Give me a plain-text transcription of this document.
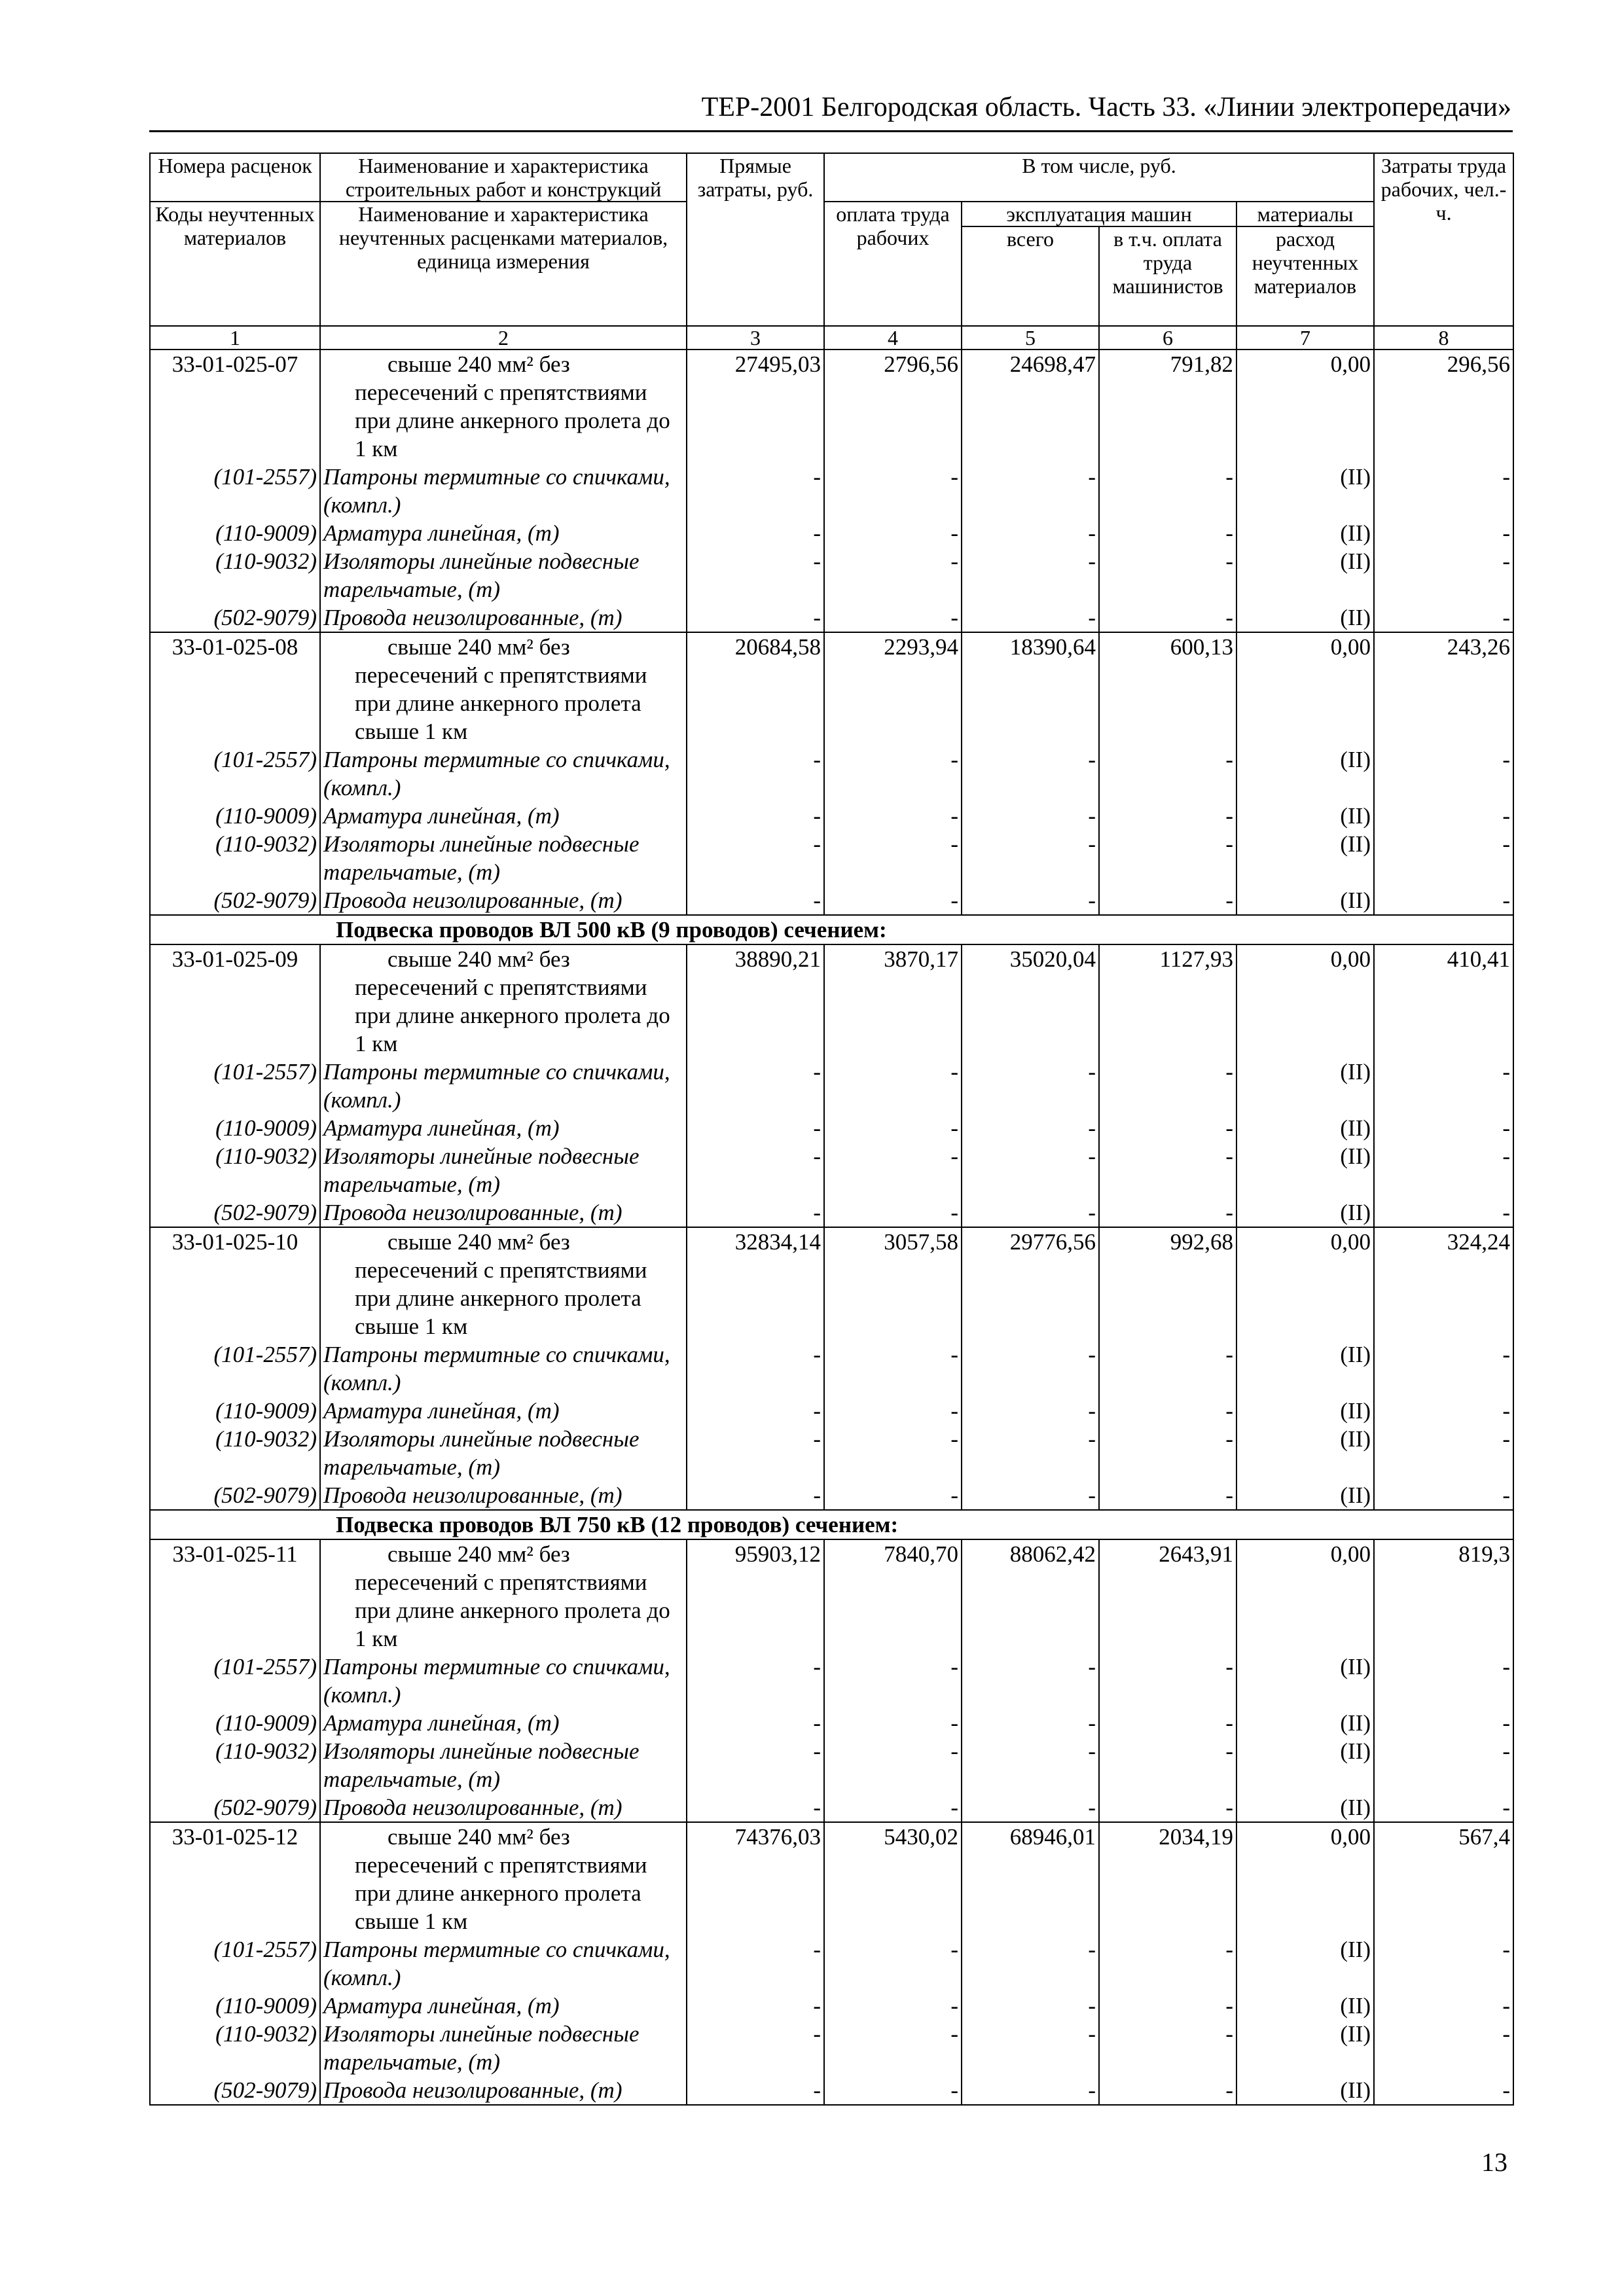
ТЕР-2001 Белгородская область. Часть 33. «Линии электропередачи»
Номера расценок	Наименование и характеристика строительных работ и конструкций	Прямые затраты, руб.	В том числе, руб.				Затраты труда рабочих, чел.-ч.
Коды неучтенных материалов	Наименование и характеристика неучтенных расценками материалов, единица измерения		оплата труда рабочих	эксплуатация машин		материалы	
				всего	в т.ч. оплата труда машинистов	расход неучтенных материалов	
1	2	3	4	5	6	7	8
33-01-025-07	свыше 240 мм² без пересечений с препятствиями при длине анкерного пролета до 1 км	27495,03	2796,56	24698,47	791,82	0,00	296,56
(101-2557)	Патроны термитные со спичками, (компл.)	-	-	-	-	(II)	-
(110-9009)	Арматура линейная, (т)	-	-	-	-	(II)	-
(110-9032)	Изоляторы линейные подвесные тарельчатые, (т)	-	-	-	-	(II)	-
(502-9079)	Провода неизолированные, (т)	-	-	-	-	(II)	-
33-01-025-08	свыше 240 мм² без пересечений с препятствиями при длине анкерного пролета свыше 1 км	20684,58	2293,94	18390,64	600,13	0,00	243,26
(101-2557)	Патроны термитные со спичками, (компл.)	-	-	-	-	(II)	-
(110-9009)	Арматура линейная, (т)	-	-	-	-	(II)	-
(110-9032)	Изоляторы линейные подвесные тарельчатые, (т)	-	-	-	-	(II)	-
(502-9079)	Провода неизолированные, (т)	-	-	-	-	(II)	-
Подвеска проводов ВЛ 500 кВ (9 проводов) сечением:							
33-01-025-09	свыше 240 мм² без пересечений с препятствиями при длине анкерного пролета до 1 км	38890,21	3870,17	35020,04	1127,93	0,00	410,41
(101-2557)	Патроны термитные со спичками, (компл.)	-	-	-	-	(II)	-
(110-9009)	Арматура линейная, (т)	-	-	-	-	(II)	-
(110-9032)	Изоляторы линейные подвесные тарельчатые, (т)	-	-	-	-	(II)	-
(502-9079)	Провода неизолированные, (т)	-	-	-	-	(II)	-
33-01-025-10	свыше 240 мм² без пересечений с препятствиями при длине анкерного пролета свыше 1 км	32834,14	3057,58	29776,56	992,68	0,00	324,24
(101-2557)	Патроны термитные со спичками, (компл.)	-	-	-	-	(II)	-
(110-9009)	Арматура линейная, (т)	-	-	-	-	(II)	-
(110-9032)	Изоляторы линейные подвесные тарельчатые, (т)	-	-	-	-	(II)	-
(502-9079)	Провода неизолированные, (т)	-	-	-	-	(II)	-
Подвеска проводов ВЛ 750 кВ (12 проводов) сечением:							
33-01-025-11	свыше 240 мм² без пересечений с препятствиями при длине анкерного пролета до 1 км	95903,12	7840,70	88062,42	2643,91	0,00	819,3
(101-2557)	Патроны термитные со спичками, (компл.)	-	-	-	-	(II)	-
(110-9009)	Арматура линейная, (т)	-	-	-	-	(II)	-
(110-9032)	Изоляторы линейные подвесные тарельчатые, (т)	-	-	-	-	(II)	-
(502-9079)	Провода неизолированные, (т)	-	-	-	-	(II)	-
33-01-025-12	свыше 240 мм² без пересечений с препятствиями при длине анкерного пролета свыше 1 км	74376,03	5430,02	68946,01	2034,19	0,00	567,4
(101-2557)	Патроны термитные со спичками, (компл.)	-	-	-	-	(II)	-
(110-9009)	Арматура линейная, (т)	-	-	-	-	(II)	-
(110-9032)	Изоляторы линейные подвесные тарельчатые, (т)	-	-	-	-	(II)	-
(502-9079)	Провода неизолированные, (т)	-	-	-	-	(II)	-
13
